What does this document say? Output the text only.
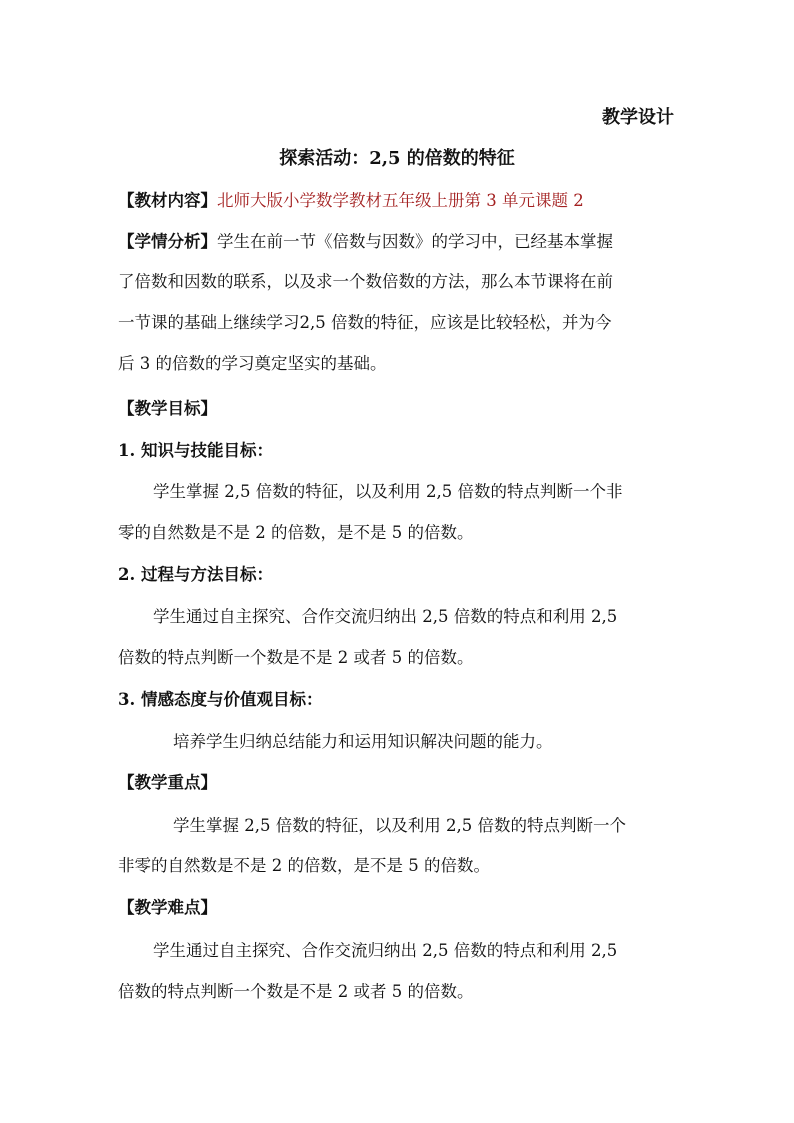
教学设计
探索活动：2,5 的倍数的特征
【教材内容】北师大版小学数学教材五年级上册第 3 单元课题 2
【学情分析】学生在前一节《倍数与因数》的学习中，已经基本掌握
了倍数和因数的联系，以及求一个数倍数的方法，那么本节课将在前
一节课的基础上继续学习2,5 倍数的特征，应该是比较轻松，并为今
后 3 的倍数的学习奠定坚实的基础。
【教学目标】
1. 知识与技能目标：
学生掌握 2,5 倍数的特征，以及利用 2,5 倍数的特点判断一个非
零的自然数是不是 2 的倍数，是不是 5 的倍数。
2. 过程与方法目标：
学生通过自主探究、合作交流归纳出 2,5 倍数的特点和利用 2,5
倍数的特点判断一个数是不是 2 或者 5 的倍数。
3. 情感态度与价值观目标：
培养学生归纳总结能力和运用知识解决问题的能力。
【教学重点】
学生掌握 2,5 倍数的特征，以及利用 2,5 倍数的特点判断一个
非零的自然数是不是 2 的倍数，是不是 5 的倍数。
【教学难点】
学生通过自主探究、合作交流归纳出 2,5 倍数的特点和利用 2,5
倍数的特点判断一个数是不是 2 或者 5 的倍数。
